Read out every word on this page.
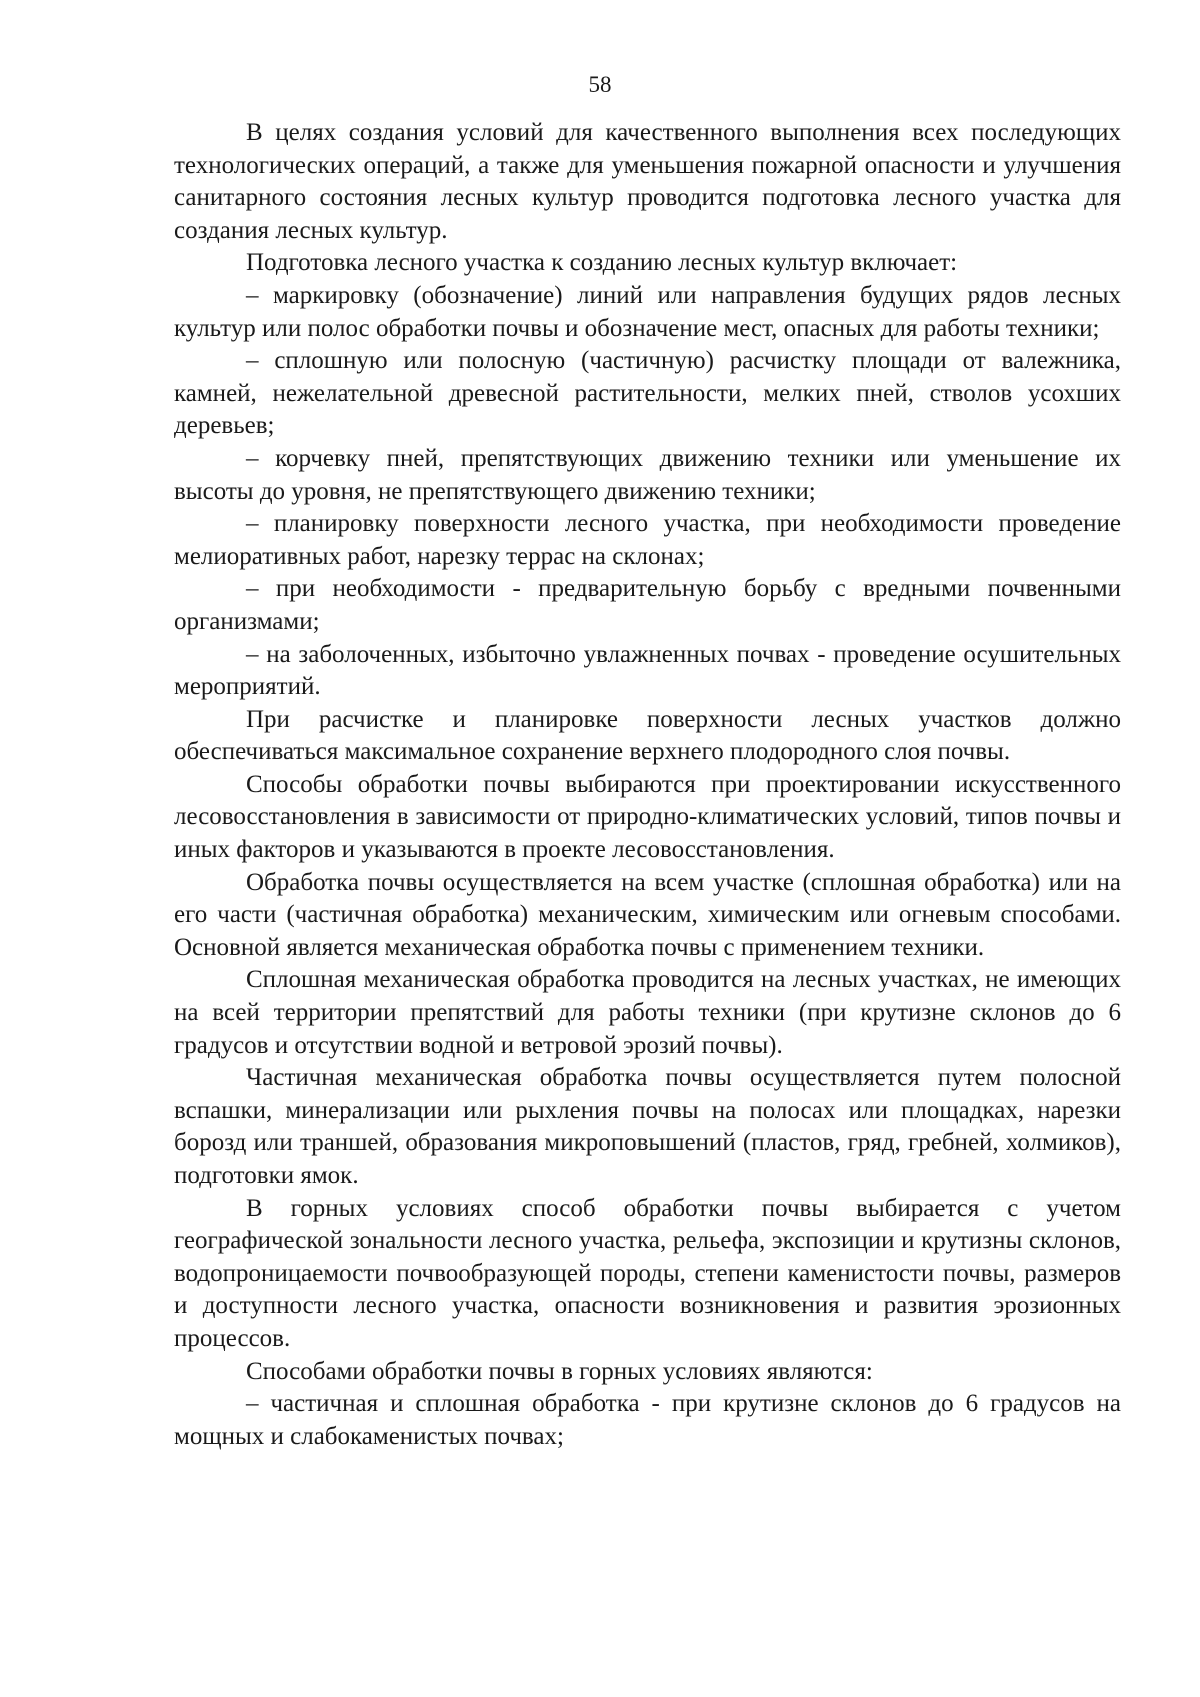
58

В целях создания условий для качественного выполнения всех последующих технологических операций, а также для уменьшения пожарной опасности и улучшения санитарного состояния лесных культур проводится подготовка лесного участка для создания лесных культур.

Подготовка лесного участка к созданию лесных культур включает:

– маркировку (обозначение) линий или направления будущих рядов лесных культур или полос обработки почвы и обозначение мест, опасных для работы техники;

– сплошную или полосную (частичную) расчистку площади от валежника, камней, нежелательной древесной растительности, мелких пней, стволов усохших деревьев;

– корчевку пней, препятствующих движению техники или уменьшение их высоты до уровня, не препятствующего движению техники;

– планировку поверхности лесного участка, при необходимости проведение мелиоративных работ, нарезку террас на склонах;

– при необходимости - предварительную борьбу с вредными почвенными организмами;

– на заболоченных, избыточно увлажненных почвах - проведение осушительных мероприятий.

При расчистке и планировке поверхности лесных участков должно обеспечиваться максимальное сохранение верхнего плодородного слоя почвы.

Способы обработки почвы выбираются при проектировании искусственного лесовосстановления в зависимости от природно-климатических условий, типов почвы и иных факторов и указываются в проекте лесовосстановления.

Обработка почвы осуществляется на всем участке (сплошная обработка) или на его части (частичная обработка) механическим, химическим или огневым способами. Основной является механическая обработка почвы с применением техники.

Сплошная механическая обработка проводится на лесных участках, не имеющих на всей территории препятствий для работы техники (при крутизне склонов до 6 градусов и отсутствии водной и ветровой эрозий почвы).

Частичная механическая обработка почвы осуществляется путем полосной вспашки, минерализации или рыхления почвы на полосах или площадках, нарезки борозд или траншей, образования микроповышений (пластов, гряд, гребней, холмиков), подготовки ямок.

В горных условиях способ обработки почвы выбирается с учетом географической зональности лесного участка, рельефа, экспозиции и крутизны склонов, водопроницаемости почвообразующей породы, степени каменистости почвы, размеров и доступности лесного участка, опасности возникновения и развития эрозионных процессов.

Способами обработки почвы в горных условиях являются:

– частичная и сплошная обработка - при крутизне склонов до 6 градусов на мощных и слабокаменистых почвах;
